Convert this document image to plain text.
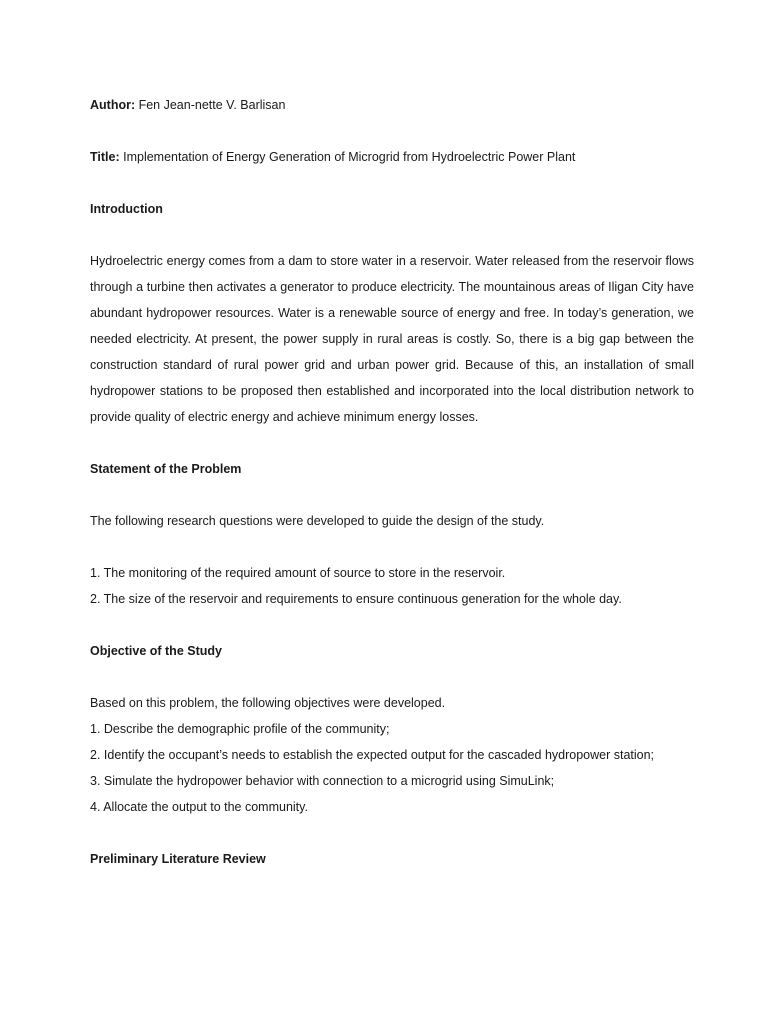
Author: Fen Jean-nette V. Barlisan

Title: Implementation of Energy Generation of Microgrid from Hydroelectric Power Plant

Introduction

Hydroelectric energy comes from a dam to store water in a reservoir. Water released from the reservoir flows through a turbine then activates a generator to produce electricity. The mountainous areas of Iligan City have abundant hydropower resources. Water is a renewable source of energy and free. In today’s generation, we needed electricity. At present, the power supply in rural areas is costly. So, there is a big gap between the construction standard of rural power grid and urban power grid. Because of this, an installation of small hydropower stations to be proposed then established and incorporated into the local distribution network to provide quality of electric energy and achieve minimum energy losses.

Statement of the Problem

The following research questions were developed to guide the design of the study.

1. The monitoring of the required amount of source to store in the reservoir.

2. The size of the reservoir and requirements to ensure continuous generation for the whole day.

Objective of the Study

Based on this problem, the following objectives were developed.

1. Describe the demographic profile of the community;

2. Identify the occupant’s needs to establish the expected output for the cascaded hydropower station;

3. Simulate the hydropower behavior with connection to a microgrid using SimuLink;

4. Allocate the output to the community.

Preliminary Literature Review
